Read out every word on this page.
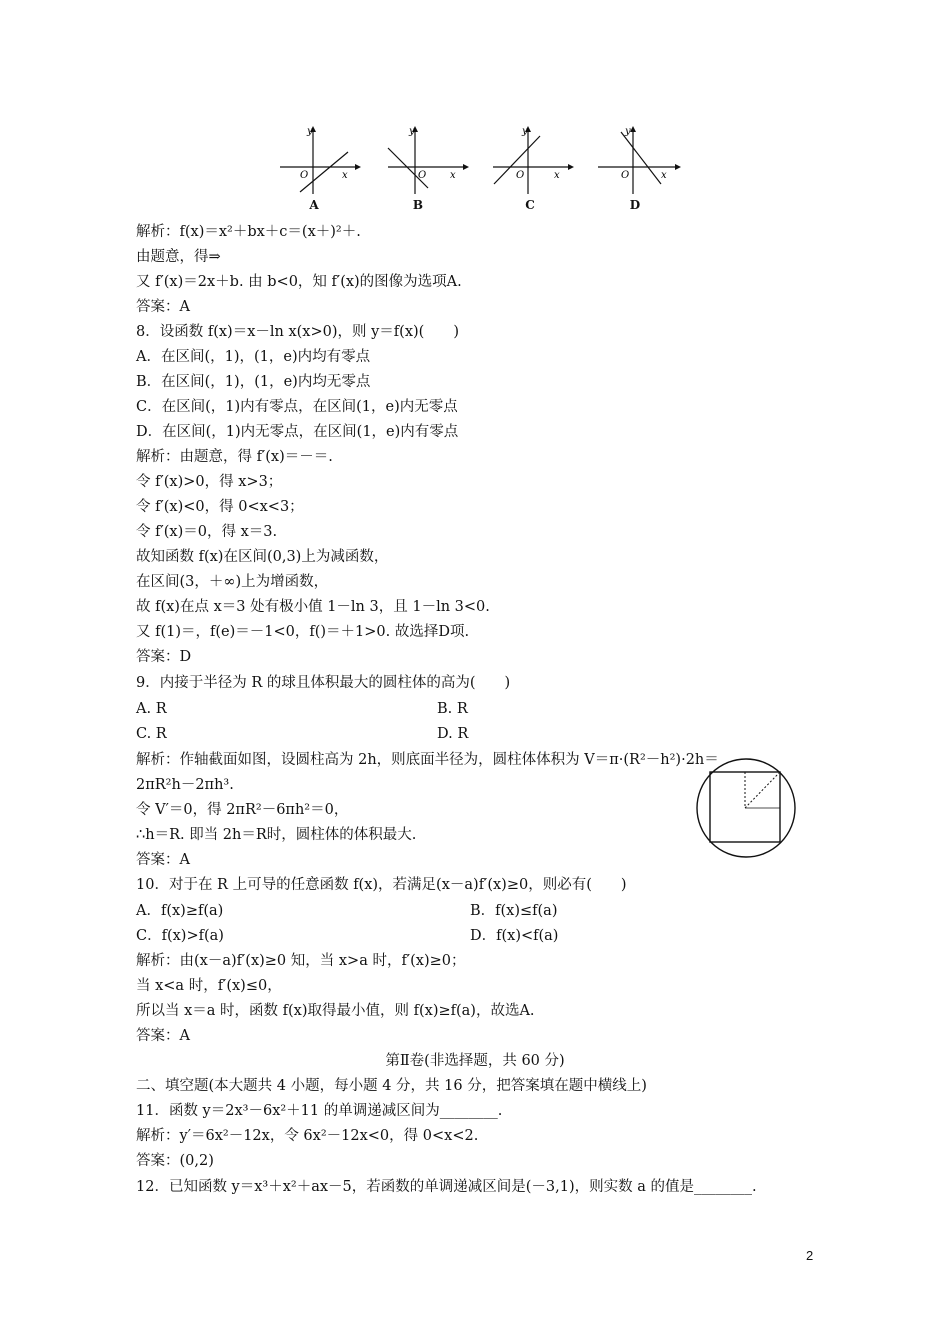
y
O	x
A
y
O x
B
y
O	x
C
y
O	x
D
解析：f(x)＝x²＋bx＋c＝(x＋)²＋.
由题意，得⇒
又 f′(x)＝2x＋b. 由 b<0，知 f′(x)的图像为选项A.
答案：A
8．设函数 f(x)＝x－ln x(x>0)，则 y＝f(x)(　　)
A．在区间(，1)，(1，e)内均有零点
B．在区间(，1)，(1，e)内均无零点
C．在区间(，1)内有零点，在区间(1，e)内无零点
D．在区间(，1)内无零点，在区间(1，e)内有零点
解析：由题意，得 f′(x)＝－＝.
令 f′(x)>0，得 x>3；
令 f′(x)<0，得 0<x<3；
令 f′(x)＝0，得 x＝3.
故知函数 f(x)在区间(0,3)上为减函数，
在区间(3，＋∞)上为增函数，
故 f(x)在点 x＝3 处有极小值 1－ln 3，且 1－ln 3<0.
又 f(1)＝，f(e)＝－1<0，f()＝＋1>0. 故选择D项.
答案：D
9．内接于半径为 R 的球且体积最大的圆柱体的高为(　　)
A. R	B. R
C. R	D. R
解析：作轴截面如图，设圆柱高为 2h，则底面半径为，圆柱体体积为 V＝π·(R²－h²)·2h＝
2πR²h－2πh³.
令 V′＝0，得 2πR²－6πh²＝0，
∴h＝R. 即当 2h＝R时，圆柱体的体积最大.
答案：A
10．对于在 R 上可导的任意函数 f(x)，若满足(x－a)f′(x)≥0，则必有(　　)
A．f(x)≥f(a)	B．f(x)≤f(a)
C．f(x)>f(a)	D．f(x)<f(a)
解析：由(x－a)f′(x)≥0 知，当 x>a 时，f′(x)≥0；
当 x<a 时，f′(x)≤0，
所以当 x＝a 时，函数 f(x)取得最小值，则 f(x)≥f(a)，故选A.
答案：A
第Ⅱ卷(非选择题，共 60 分)
二、填空题(本大题共 4 小题，每小题 4 分，共 16 分，把答案填在题中横线上)
11．函数 y＝2x³－6x²＋11 的单调递减区间为________.
解析：y′＝6x²－12x，令 6x²－12x<0，得 0<x<2.
答案：(0,2)
12．已知函数 y＝x³＋x²＋ax－5，若函数的单调递减区间是(－3,1)，则实数 a 的值是________.
2
